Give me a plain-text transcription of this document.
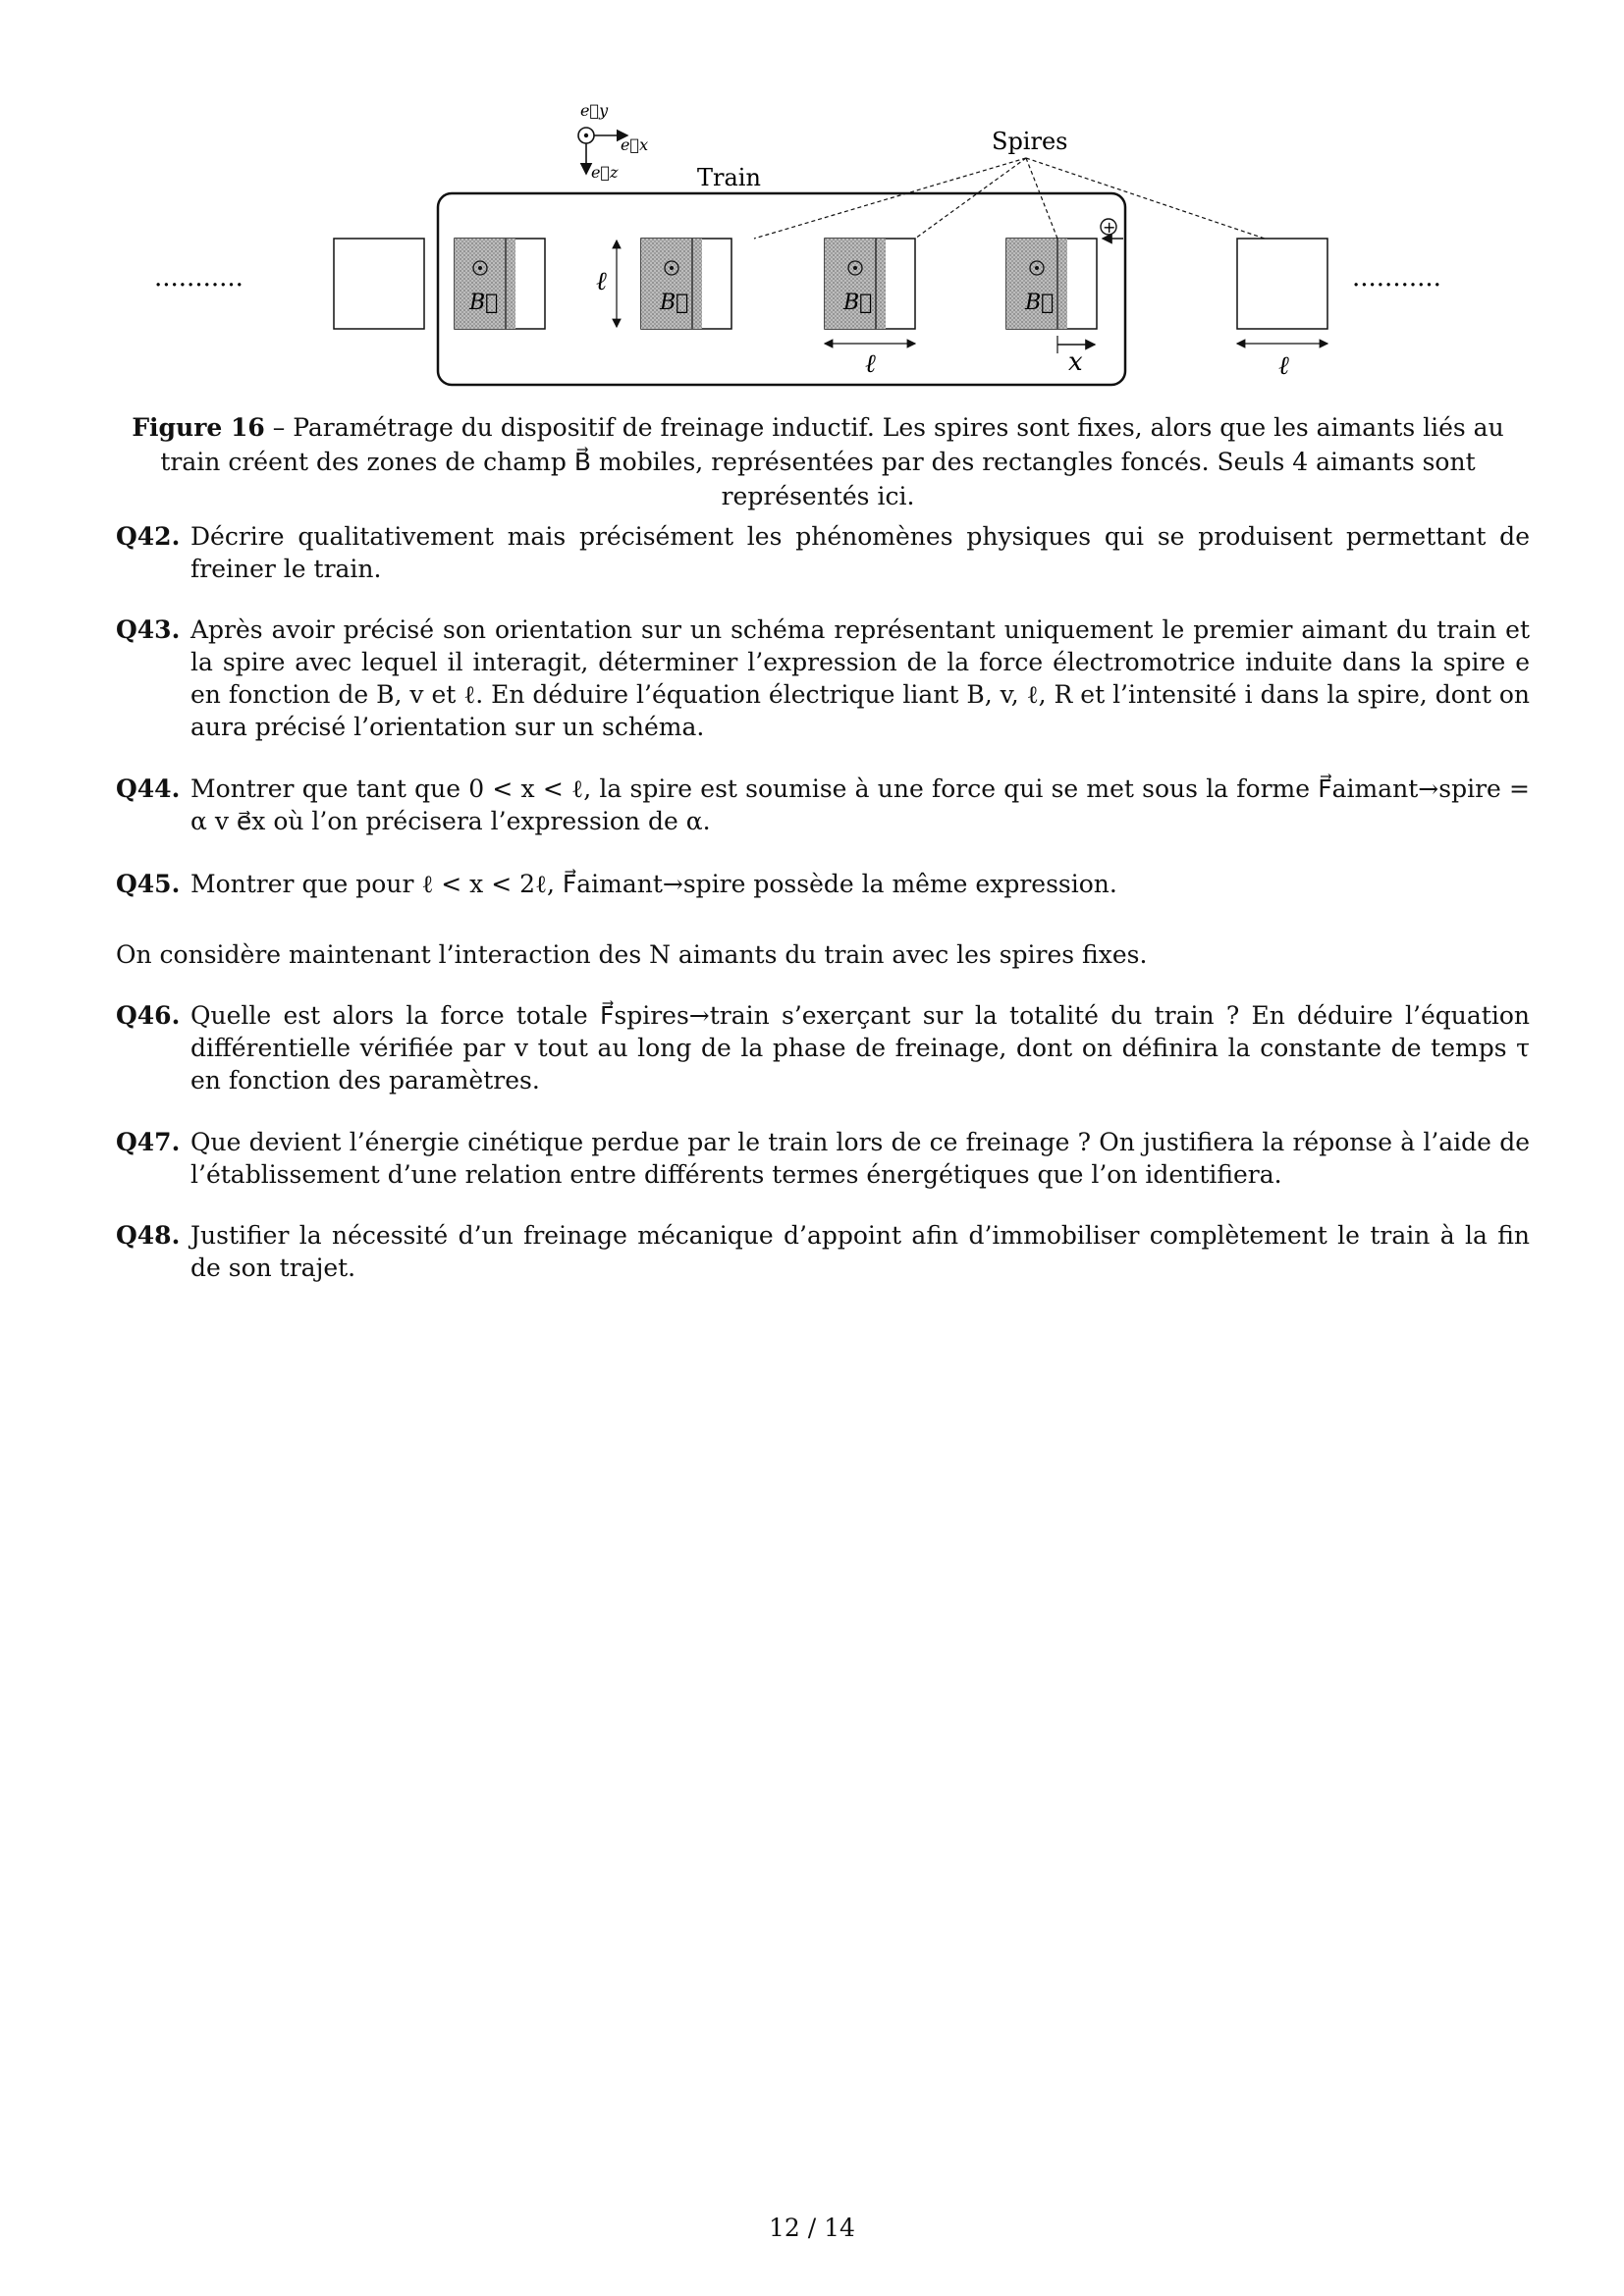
e⃗y
e⃗x
e⃗z	Train
Spires
...........	...........
B⃗	B⃗	B⃗	B⃗
+
ℓ
ℓ	x	ℓ
Figure 16 – Paramétrage du dispositif de freinage inductif. Les spires sont fixes, alors que les aimants liés au train créent des zones de champ B⃗ mobiles, représentées par des rectangles foncés. Seuls 4 aimants sont représentés ici.
Q42. Décrire qualitativement mais précisément les phénomènes physiques qui se produisent permettant de freiner le train.
Q43. Après avoir précisé son orientation sur un schéma représentant uniquement le premier aimant du train et la spire avec lequel il interagit, déterminer l’expression de la force électromotrice induite dans la spire e en fonction de B, v et ℓ. En déduire l’équation électrique liant B, v, ℓ, R et l’intensité i dans la spire, dont on aura précisé l’orientation sur un schéma.
Q44. Montrer que tant que 0 < x < ℓ, la spire est soumise à une force qui se met sous la forme F⃗aimant→spire = α v e⃗x où l’on précisera l’expression de α.
Q45. Montrer que pour ℓ < x < 2ℓ, F⃗aimant→spire possède la même expression.
On considère maintenant l’interaction des N aimants du train avec les spires fixes.
Q46. Quelle est alors la force totale F⃗spires→train s’exerçant sur la totalité du train ? En déduire l’équation différentielle vérifiée par v tout au long de la phase de freinage, dont on définira la constante de temps τ en fonction des paramètres.
Q47. Que devient l’énergie cinétique perdue par le train lors de ce freinage ? On justifiera la réponse à l’aide de l’établissement d’une relation entre différents termes énergétiques que l’on identifiera.
Q48. Justifier la nécessité d’un freinage mécanique d’appoint afin d’immobiliser complètement le train à la fin de son trajet.
12 / 14
